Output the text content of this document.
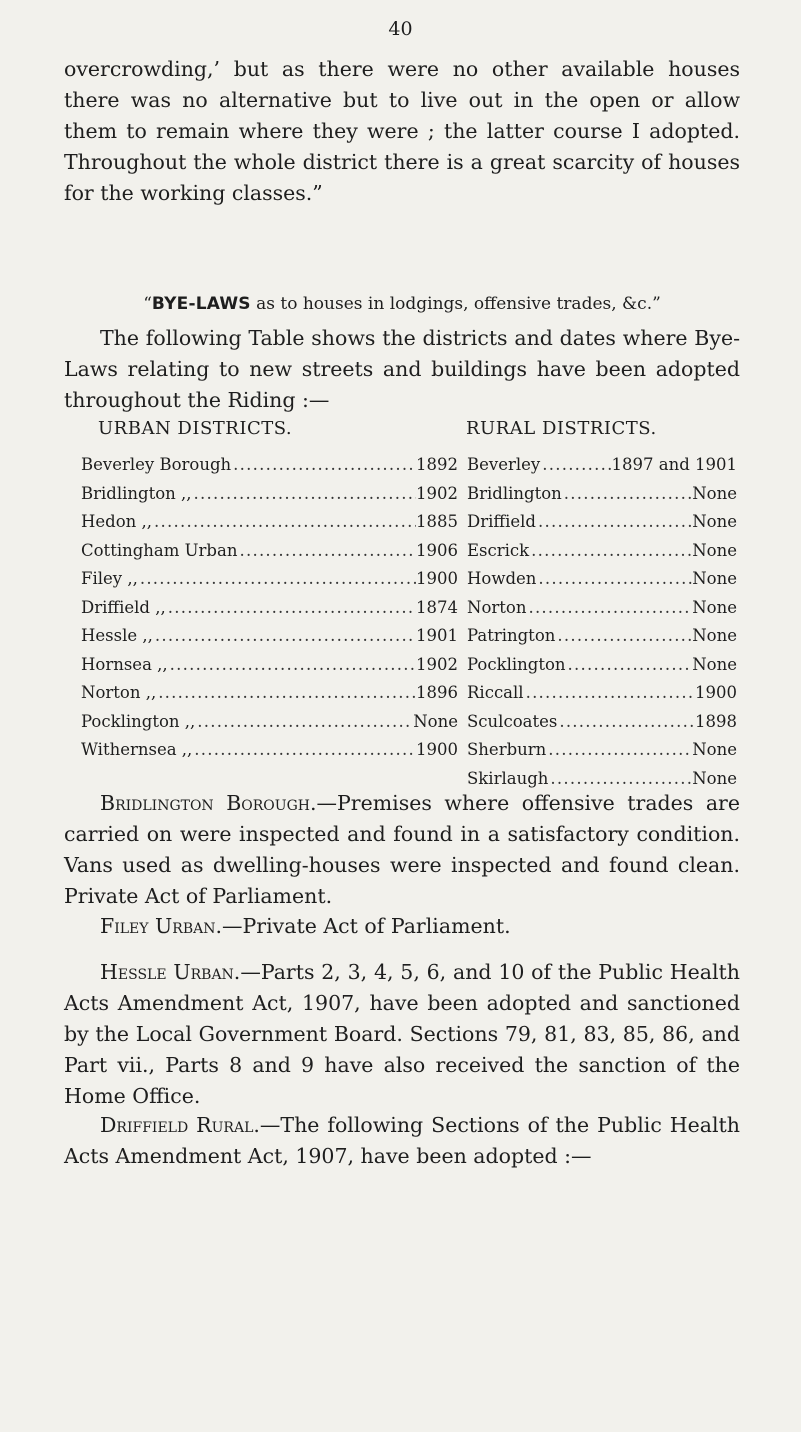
40

overcrowding,’ but as there were no other available houses there was no alternative but to live out in the open or allow them to remain where they were ; the latter course I adopted. Throughout the whole district there is a great scarcity of houses for the working classes.”

“BYE-LAWS as to houses in lodgings, offensive trades, &c.”

The following Table shows the districts and dates where Bye-Laws relating to new streets and buildings have been adopted throughout the Riding :—

URBAN DISTRICTS.	RURAL DISTRICTS.
Beverley Borough . . .	1892
Bridlington ,, . . .	1902
Hedon ,, . . .	1885
Cottingham Urban . . .	1906
Filey ,, . . .	1900
Driffield ,, . . .	1874
Hessle ,, . . .	1901
Hornsea ,, . . .	1902
Norton ,, . . .	1896
Pocklington ,, . . .	None
Withernsea ,, . . .	1900
Beverley . . .	1897 and 1901
Bridlington . . .	None
Driffield . . .	None
Escrick . . .	None
Howden . . .	None
Norton . . .	None
Patrington . . .	None
Pocklington . . .	None
Riccall . . .	1900
Sculcoates . . .	1898
Sherburn . . .	None
Skirlaugh . . .	None

Bridlington Borough.—Premises where offensive trades are carried on were inspected and found in a satisfactory condition. Vans used as dwelling-houses were inspected and found clean. Private Act of Parliament.

Filey Urban.—Private Act of Parliament.

Hessle Urban.—Parts 2, 3, 4, 5, 6, and 10 of the Public Health Acts Amendment Act, 1907, have been adopted and sanctioned by the Local Government Board. Sections 79, 81, 83, 85, 86, and Part vii., Parts 8 and 9 have also received the sanction of the Home Office.

Driffield Rural.—The following Sections of the Public Health Acts Amendment Act, 1907, have been adopted :—
